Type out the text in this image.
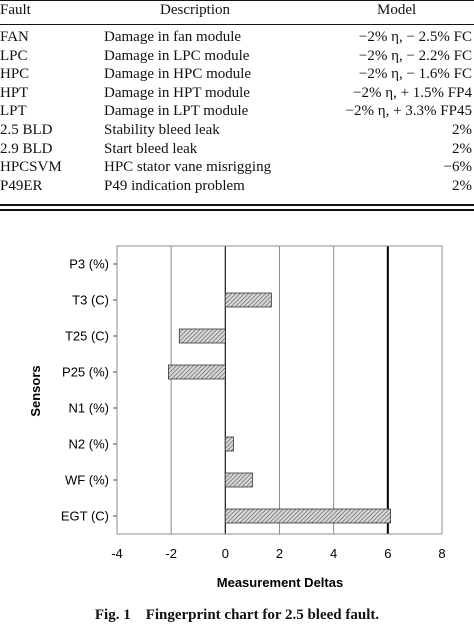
Fault	Description	Model
FAN	Damage in fan module	−2% η, − 2.5% FC
LPC	Damage in LPC module	−2% η, − 2.2% FC
HPC	Damage in HPC module	−2% η, − 1.6% FC
HPT	Damage in HPT module	−2% η, + 1.5% FP4
LPT	Damage in LPT module	−2% η, + 3.3% FP45
2.5 BLD	Stability bleed leak	2%
2.9 BLD	Start bleed leak	2%
HPCSVM	HPC stator vane misrigging	−6%
P49ER	P49 indication problem	2%
P3 (%)
T3 (C)
T25 (C)
P25 (%)
N1 (%)
N2 (%)
WF (%)
EGT (C)
-4	-2	0	2	4	6	8
Sensors
Measurement Deltas
Fig. 1    Fingerprint chart for 2.5 bleed fault.
